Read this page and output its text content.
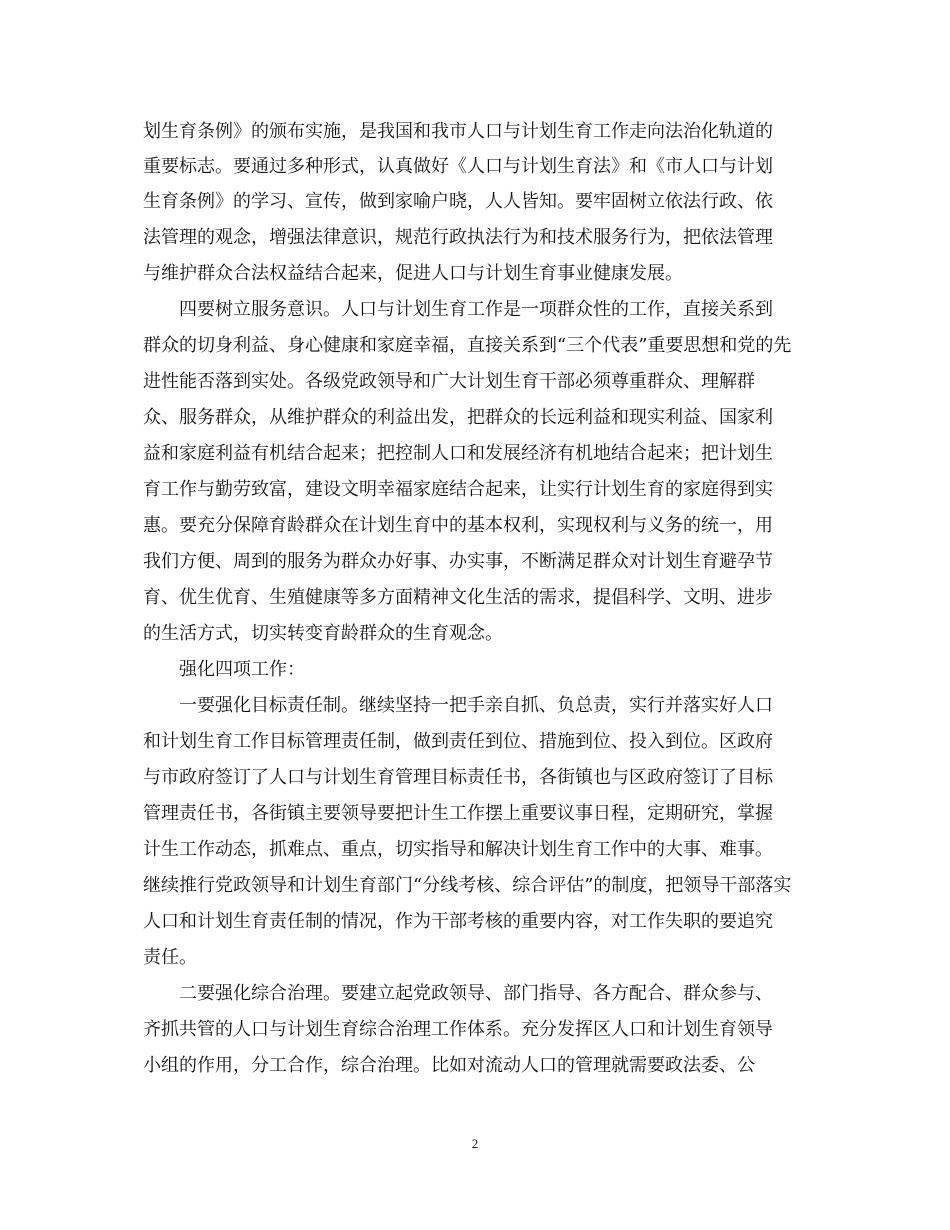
划生育条例》的颁布实施，是我国和我市人口与计划生育工作走向法治化轨道的
重要标志。要通过多种形式，认真做好《人口与计划生育法》和《市人口与计划
生育条例》的学习、宣传，做到家喻户晓，人人皆知。要牢固树立依法行政、依
法管理的观念，增强法律意识，规范行政执法行为和技术服务行为，把依法管理
与维护群众合法权益结合起来，促进人口与计划生育事业健康发展。
四要树立服务意识。人口与计划生育工作是一项群众性的工作，直接关系到
群众的切身利益、身心健康和家庭幸福，直接关系到“三个代表”重要思想和党的先
进性能否落到实处。各级党政领导和广大计划生育干部必须尊重群众、理解群
众、服务群众，从维护群众的利益出发，把群众的长远利益和现实利益、国家利
益和家庭利益有机结合起来；把控制人口和发展经济有机地结合起来；把计划生
育工作与勤劳致富，建设文明幸福家庭结合起来，让实行计划生育的家庭得到实
惠。要充分保障育龄群众在计划生育中的基本权利，实现权利与义务的统一，用
我们方便、周到的服务为群众办好事、办实事，不断满足群众对计划生育避孕节
育、优生优育、生殖健康等多方面精神文化生活的需求，提倡科学、文明、进步
的生活方式，切实转变育龄群众的生育观念。
强化四项工作：
一要强化目标责任制。继续坚持一把手亲自抓、负总责，实行并落实好人口
和计划生育工作目标管理责任制，做到责任到位、措施到位、投入到位。区政府
与市政府签订了人口与计划生育管理目标责任书，各街镇也与区政府签订了目标
管理责任书，各街镇主要领导要把计生工作摆上重要议事日程，定期研究，掌握
计生工作动态，抓难点、重点，切实指导和解决计划生育工作中的大事、难事。
继续推行党政领导和计划生育部门“分线考核、综合评估”的制度，把领导干部落实
人口和计划生育责任制的情况，作为干部考核的重要内容，对工作失职的要追究
责任。
二要强化综合治理。要建立起党政领导、部门指导、各方配合、群众参与、
齐抓共管的人口与计划生育综合治理工作体系。充分发挥区人口和计划生育领导
小组的作用，分工合作，综合治理。比如对流动人口的管理就需要政法委、公
2
